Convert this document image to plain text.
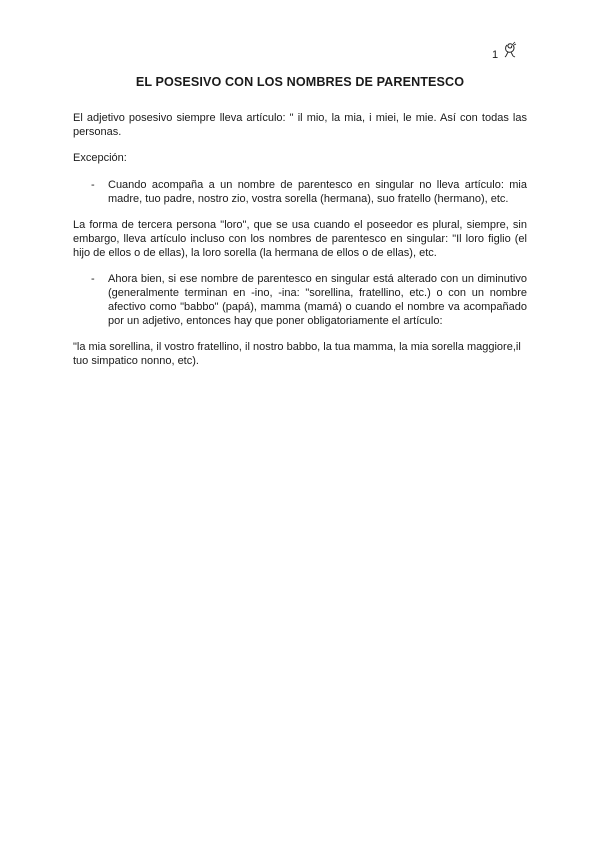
1
EL POSESIVO CON LOS NOMBRES DE PARENTESCO

El adjetivo posesivo siempre lleva artículo: " il mio, la mia, i miei, le mie. Así con todas las personas.

Excepción:

- Cuando acompaña a un nombre de parentesco en singular no lleva artículo: mia madre, tuo padre, nostro zio, vostra sorella (hermana), suo fratello (hermano), etc.

La forma de tercera persona "loro", que se usa cuando el poseedor es plural, siempre, sin embargo, lleva artículo incluso con los nombres de parentesco en singular: "Il loro figlio (el hijo de ellos o de ellas), la loro sorella (la hermana de ellos o de ellas), etc.

- Ahora bien, si ese nombre de parentesco en singular está alterado con un diminutivo (generalmente terminan en -ino, -ina: "sorellina, fratellino, etc.) o con un nombre afectivo como "babbo" (papá), mamma (mamá) o cuando el nombre va acompañado por un adjetivo, entonces hay que poner obligatoriamente el artículo:

"la mia sorellina, il vostro fratellino, il nostro babbo, la tua mamma, la mia sorella maggiore,il tuo simpatico nonno, etc).
